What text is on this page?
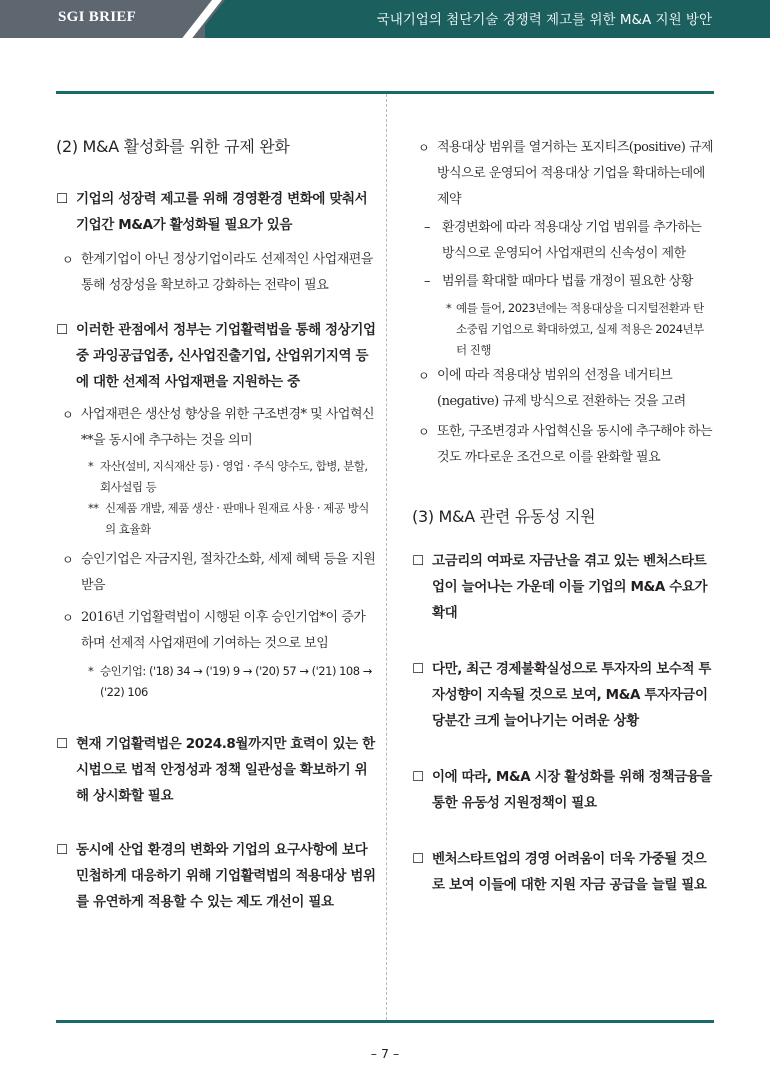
SGI BRIEF	국내기업의 첨단기술 경쟁력 제고를 위한 M&A 지원 방안
(2) M&A 활성화를 위한 규제 완화
☐ 기업의 성장력 제고를 위해 경영환경 변화에 맞춰서 기업간 M&A가 활성화될 필요가 있음
ㅇ 한계기업이 아닌 정상기업이라도 선제적인 사업재편을 통해 성장성을 확보하고 강화하는 전략이 필요
☐ 이러한 관점에서 정부는 기업활력법을 통해 정상기업 중 과잉공급업종, 신사업진출기업, 산업위기지역 등에 대한 선제적 사업재편을 지원하는 중
ㅇ 사업재편은 생산성 향상을 위한 구조변경* 및 사업혁신**을 동시에 추구하는 것을 의미
* 자산(설비, 지식재산 등) · 영업 · 주식 양수도, 합병, 분할, 회사설립 등
** 신제품 개발, 제품 생산 · 판매나 원재료 사용 · 제공 방식의 효율화
ㅇ 승인기업은 자금지원, 절차간소화, 세제 혜택 등을 지원 받음
ㅇ 2016년 기업활력법이 시행된 이후 승인기업*이 증가하며 선제적 사업재편에 기여하는 것으로 보임
* 승인기업: ('18) 34 → ('19) 9 → ('20) 57 → ('21) 108 → ('22) 106
☐ 현재 기업활력법은 2024.8월까지만 효력이 있는 한시법으로 법적 안정성과 정책 일관성을 확보하기 위해 상시화할 필요
☐ 동시에 산업 환경의 변화와 기업의 요구사항에 보다 민첩하게 대응하기 위해 기업활력법의 적용대상 범위를 유연하게 적용할 수 있는 제도 개선이 필요
ㅇ 적용대상 범위를 열거하는 포지티즈(positive) 규제 방식으로 운영되어 적용대상 기업을 확대하는데에 제약
– 환경변화에 따라 적용대상 기업 범위를 추가하는 방식으로 운영되어 사업재편의 신속성이 제한
– 범위를 확대할 때마다 법률 개정이 필요한 상황
* 예를 들어, 2023년에는 적용대상을 디지털전환과 탄소중립 기업으로 확대하였고, 실제 적용은 2024년부터 진행
ㅇ 이에 따라 적용대상 범위의 선정을 네거티브(negative) 규제 방식으로 전환하는 것을 고려
ㅇ 또한, 구조변경과 사업혁신을 동시에 추구해야 하는 것도 까다로운 조건으로 이를 완화할 필요
(3) M&A 관련 유동성 지원
☐ 고금리의 여파로 자금난을 겪고 있는 벤처스타트업이 늘어나는 가운데 이들 기업의 M&A 수요가 확대
☐ 다만, 최근 경제불확실성으로 투자자의 보수적 투자성향이 지속될 것으로 보여, M&A 투자자금이 당분간 크게 늘어나기는 어려운 상황
☐ 이에 따라, M&A 시장 활성화를 위해 정책금융을 통한 유동성 지원정책이 필요
☐ 벤처스타트업의 경영 어려움이 더욱 가중될 것으로 보여 이들에 대한 지원 자금 공급을 늘릴 필요
– 7 –
